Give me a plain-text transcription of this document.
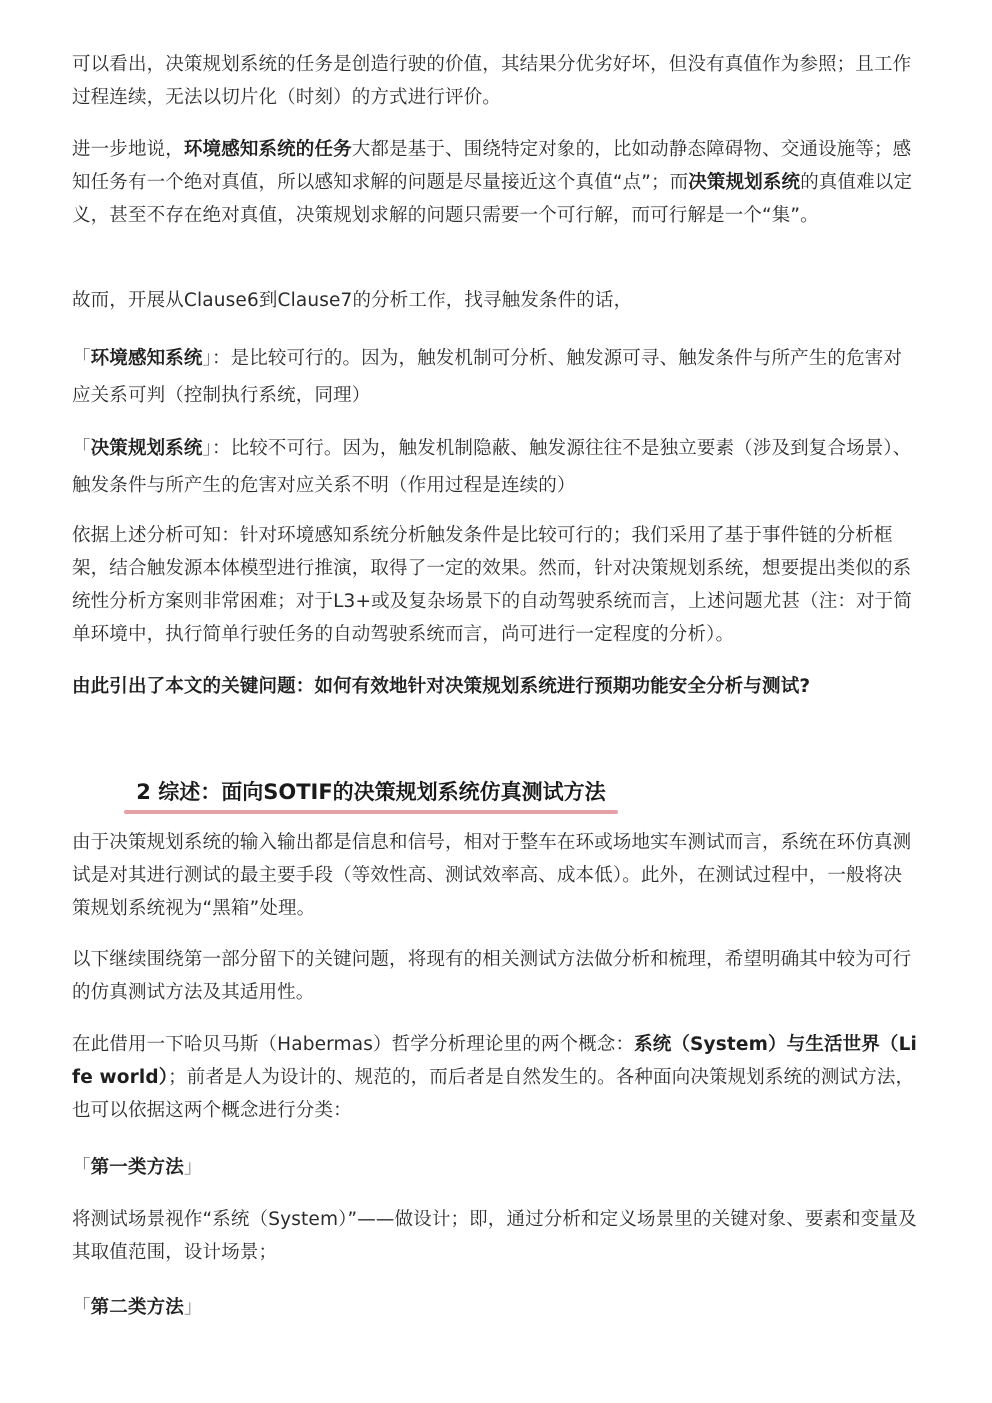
可以看出，决策规划系统的任务是创造行驶的价值，其结果分优劣好坏，但没有真值作为参照；且工作过程连续，无法以切片化（时刻）的方式进行评价。

进一步地说，环境感知系统的任务大都是基于、围绕特定对象的，比如动静态障碍物、交通设施等；感知任务有一个绝对真值，所以感知求解的问题是尽量接近这个真值“点”；而决策规划系统的真值难以定义，甚至不存在绝对真值，决策规划求解的问题只需要一个可行解，而可行解是一个“集”。

故而，开展从Clause6到Clause7的分析工作，找寻触发条件的话，

「环境感知系统」：是比较可行的。因为，触发机制可分析、触发源可寻、触发条件与所产生的危害对应关系可判（控制执行系统，同理）

「决策规划系统」：比较不可行。因为，触发机制隐蔽、触发源往往不是独立要素（涉及到复合场景）、触发条件与所产生的危害对应关系不明（作用过程是连续的）

依据上述分析可知：针对环境感知系统分析触发条件是比较可行的；我们采用了基于事件链的分析框架，结合触发源本体模型进行推演，取得了一定的效果。然而，针对决策规划系统，想要提出类似的系统性分析方案则非常困难；对于L3+或及复杂场景下的自动驾驶系统而言，上述问题尤甚（注：对于简单环境中，执行简单行驶任务的自动驾驶系统而言，尚可进行一定程度的分析）。

由此引出了本文的关键问题：如何有效地针对决策规划系统进行预期功能安全分析与测试?

2 综述：面向SOTIF的决策规划系统仿真测试方法

由于决策规划系统的输入输出都是信息和信号，相对于整车在环或场地实车测试而言，系统在环仿真测试是对其进行测试的最主要手段（等效性高、测试效率高、成本低）。此外，在测试过程中，一般将决策规划系统视为“黑箱”处理。

以下继续围绕第一部分留下的关键问题，将现有的相关测试方法做分析和梳理，希望明确其中较为可行的仿真测试方法及其适用性。

在此借用一下哈贝马斯（Habermas）哲学分析理论里的两个概念：系统（System）与生活世界（Life world）；前者是人为设计的、规范的，而后者是自然发生的。各种面向决策规划系统的测试方法，也可以依据这两个概念进行分类：

「第一类方法」

将测试场景视作“系统（System）”——做设计；即，通过分析和定义场景里的关键对象、要素和变量及其取值范围，设计场景；

「第二类方法」
